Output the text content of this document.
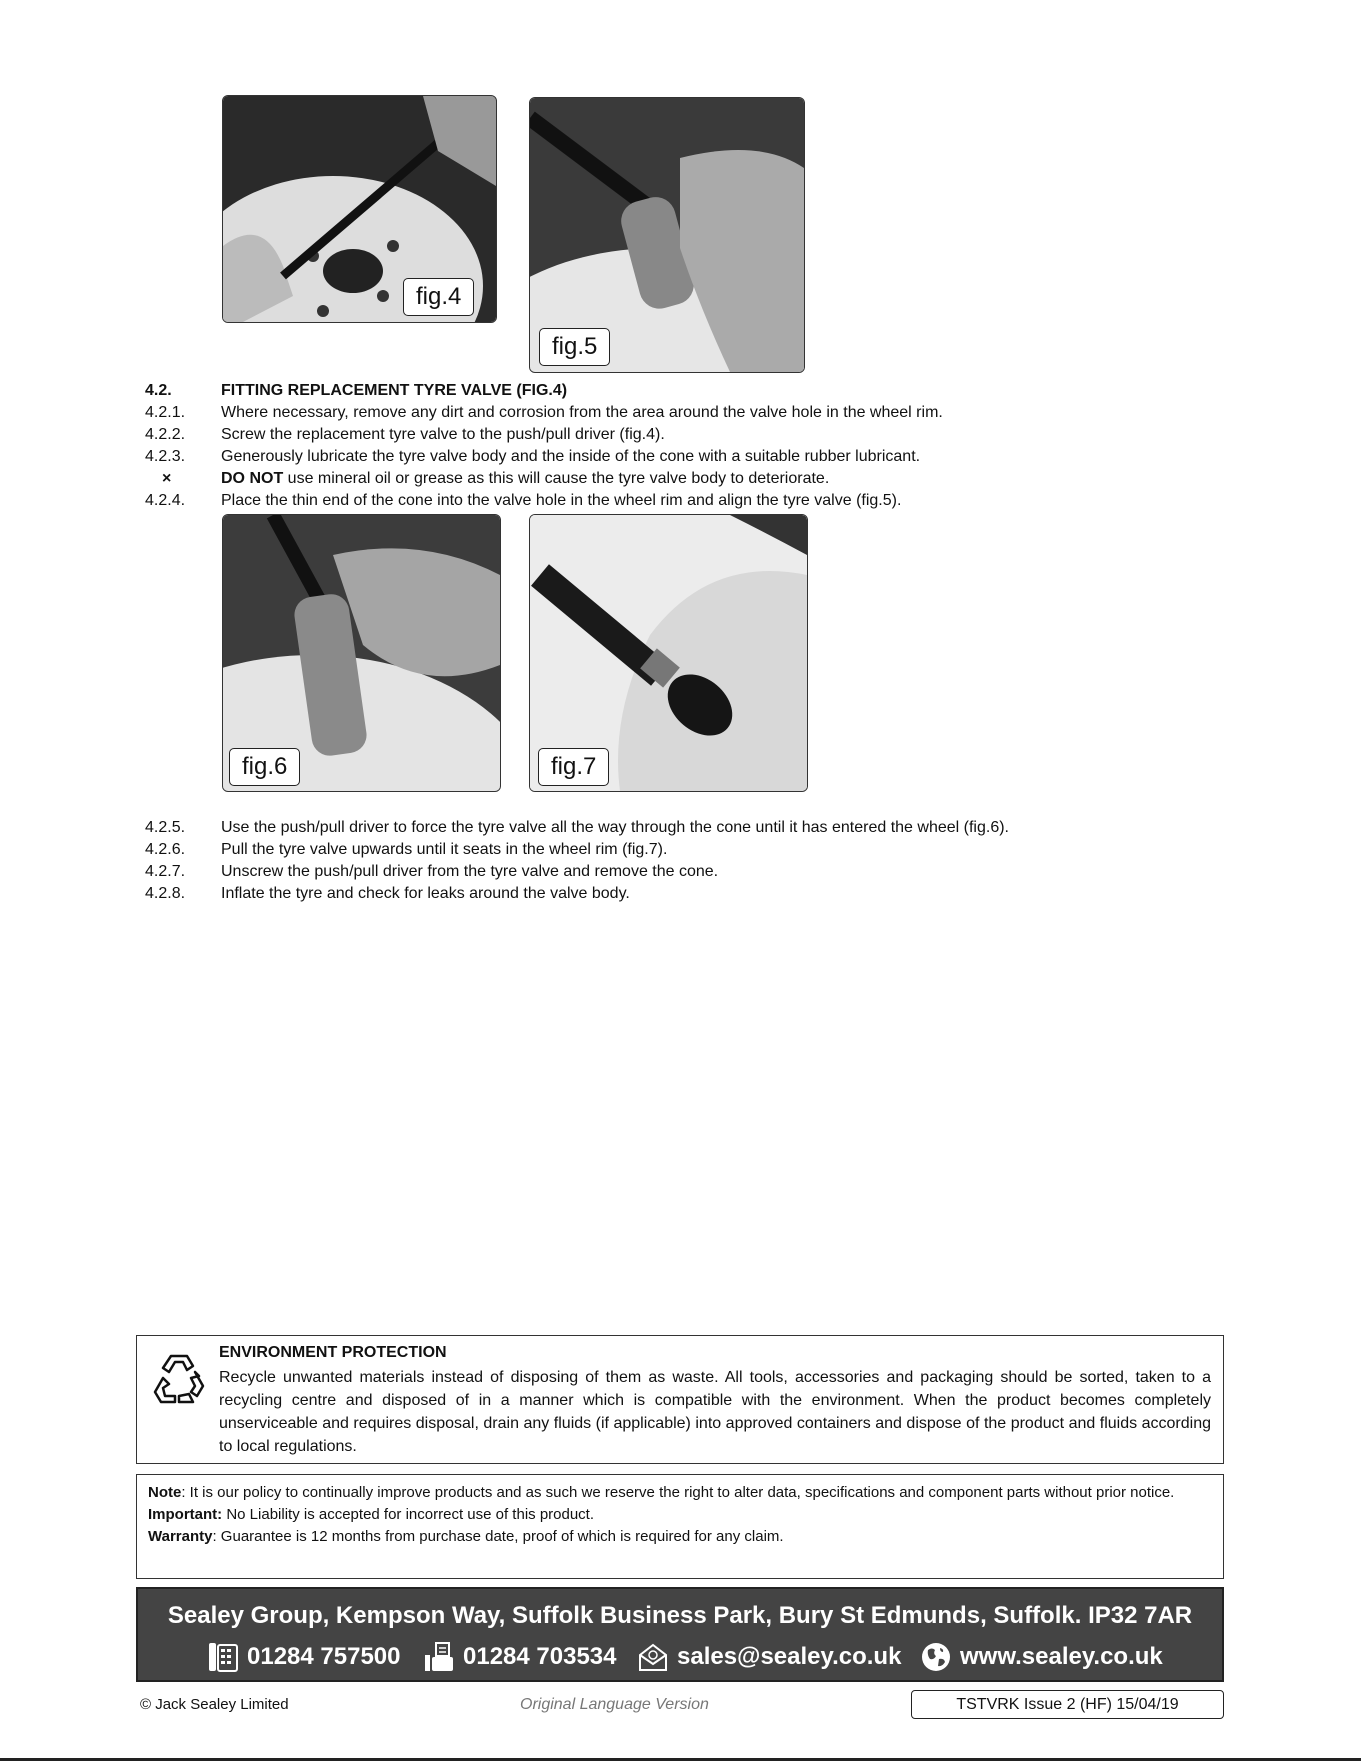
fig.4
fig.5
4.2.	FITTING REPLACEMENT TYRE VALVE (FIG.4)
4.2.1. Where necessary, remove any dirt and corrosion from the area around the valve hole in the wheel rim.
4.2.2. Screw the replacement tyre valve to the push/pull driver (fig.4).
4.2.3. Generously lubricate the tyre valve body and the inside of the cone with a suitable rubber lubricant.
×	DO NOT use mineral oil or grease as this will cause the tyre valve body to deteriorate.
4.2.4. Place the thin end of the cone into the valve hole in the wheel rim and align the tyre valve (fig.5).
fig.6	fig.7
4.2.5. Use the push/pull driver to force the tyre valve all the way through the cone until it has entered the wheel (fig.6).
4.2.6. Pull the tyre valve upwards until it seats in the wheel rim (fig.7).
4.2.7. Unscrew the push/pull driver from the tyre valve and remove the cone.
4.2.8. Inflate the tyre and check for leaks around the valve body.
ENVIRONMENT PROTECTION
Recycle unwanted materials instead of disposing of them as waste. All tools, accessories and packaging should be sorted, taken to a recycling centre and disposed of in a manner which is compatible with the environment. When the product becomes completely unserviceable and requires disposal, drain any fluids (if applicable) into approved containers and dispose of the product and fluids according to local regulations.

Note: It is our policy to continually improve products and as such we reserve the right to alter data, specifications and component parts without prior notice.

Important: No Liability is accepted for incorrect use of this product.

Warranty: Guarantee is 12 months from purchase date, proof of which is required for any claim.

Sealey Group, Kempson Way, Suffolk Business Park, Bury St Edmunds, Suffolk. IP32 7AR
01284 757500	01284 703534	sales@sealey.co.uk www.sealey.co.uk
© Jack Sealey Limited	Original Language Version	TSTVRK Issue 2 (HF) 15/04/19
